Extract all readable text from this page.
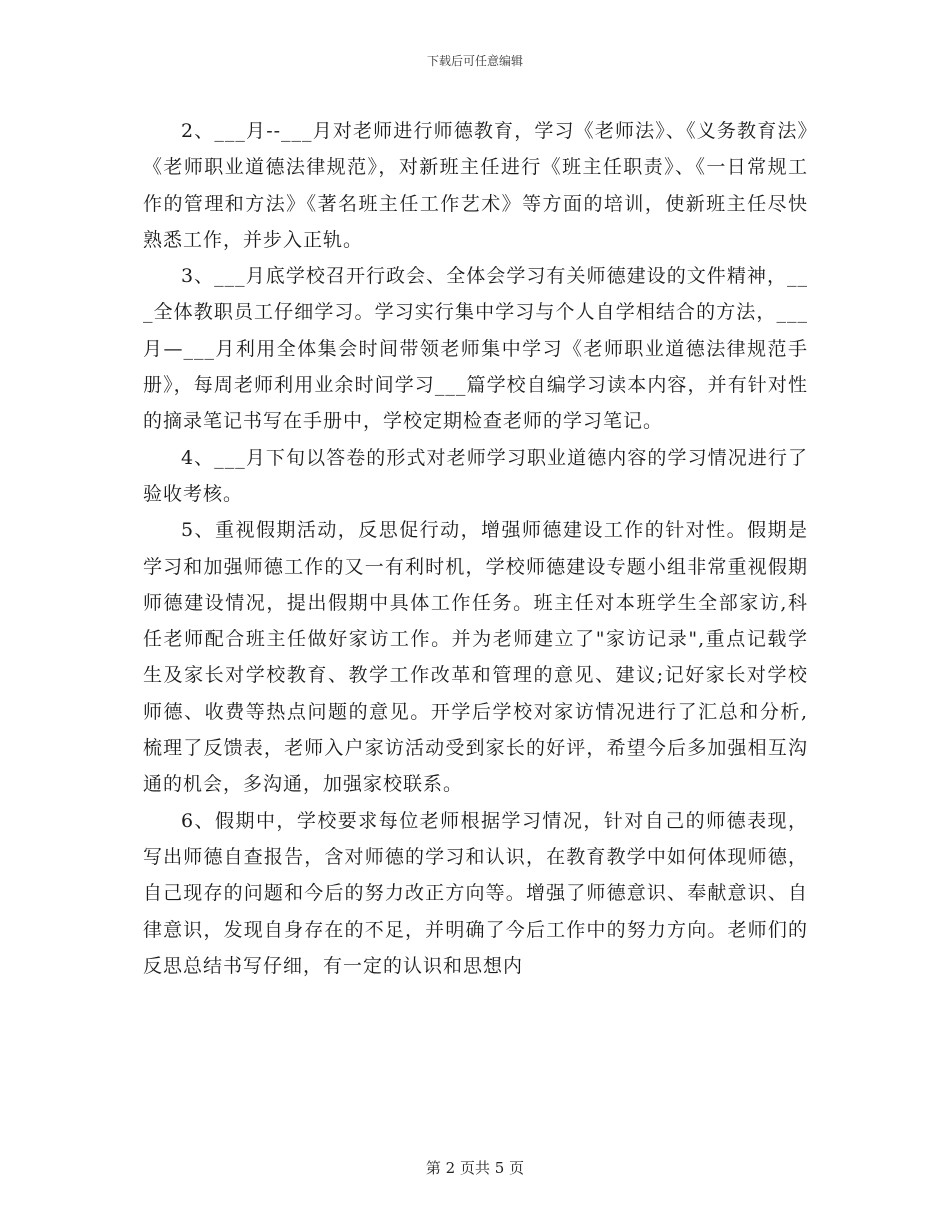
下载后可任意编辑

2、___月--___月对老师进行师德教育，学习《老师法》、《义务教育法》《老师职业道德法律规范》，对新班主任进行《班主任职责》、《一日常规工作的管理和方法》《著名班主任工作艺术》等方面的培训，使新班主任尽快熟悉工作，并步入正轨。

3、___月底学校召开行政会、全体会学习有关师德建设的文件精神，___全体教职员工仔细学习。学习实行集中学习与个人自学相结合的方法，___月—___月利用全体集会时间带领老师集中学习《老师职业道德法律规范手册》，每周老师利用业余时间学习___篇学校自编学习读本内容，并有针对性的摘录笔记书写在手册中，学校定期检查老师的学习笔记。

4、___月下旬以答卷的形式对老师学习职业道德内容的学习情况进行了验收考核。

5、重视假期活动，反思促行动，增强师德建设工作的针对性。假期是学习和加强师德工作的又一有利时机，学校师德建设专题小组非常重视假期师德建设情况，提出假期中具体工作任务。班主任对本班学生全部家访,科任老师配合班主任做好家访工作。并为老师建立了"家访记录",重点记载学生及家长对学校教育、教学工作改革和管理的意见、建议;记好家长对学校师德、收费等热点问题的意见。开学后学校对家访情况进行了汇总和分析,梳理了反馈表，老师入户家访活动受到家长的好评，希望今后多加强相互沟通的机会，多沟通，加强家校联系。

6、假期中，学校要求每位老师根据学习情况，针对自己的师德表现，写出师德自查报告，含对师德的学习和认识，在教育教学中如何体现师德，自己现存的问题和今后的努力改正方向等。增强了师德意识、奉献意识、自律意识，发现自身存在的不足，并明确了今后工作中的努力方向。老师们的反思总结书写仔细，有一定的认识和思想内

第 2 页共 5 页
